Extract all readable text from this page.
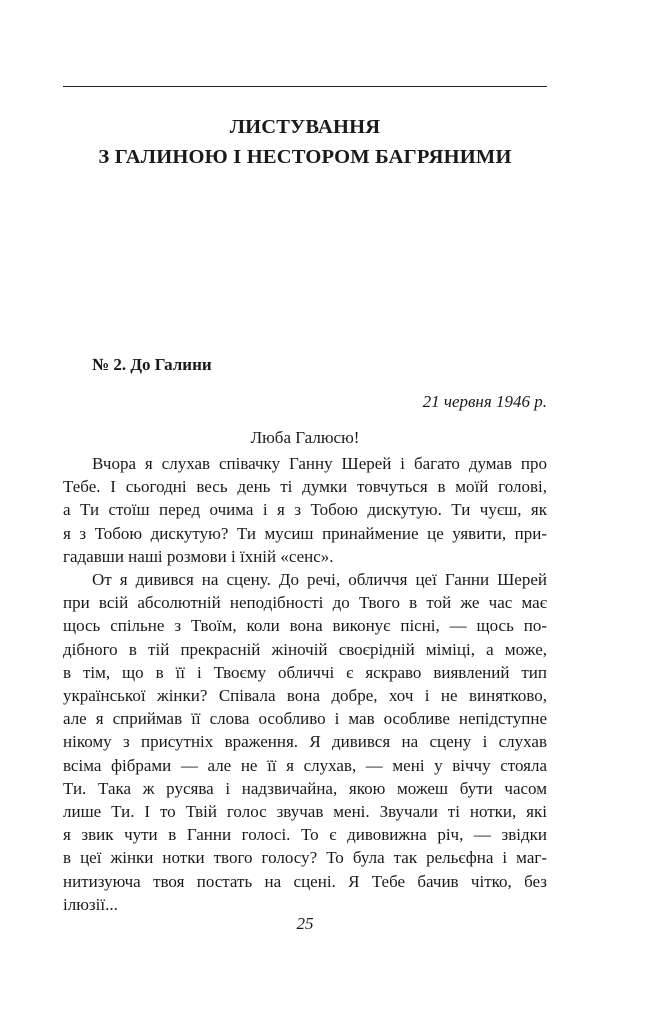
ЛИСТУВАННЯ
З ГАЛИНОЮ І НЕСТОРОМ БАГРЯНИМИ
№ 2. До Галини
21 червня 1946 р.
Люба Галюсю!
Вчора я слухав співачку Ганну Шерей і багато думав про
Тебе. І сьогодні весь день ті думки товчуться в моїй голові,
а Ти стоїш перед очима і я з Тобою дискутую. Ти чуєш, як
я з Тобою дискутую? Ти мусиш принаймение це уявити, при-
гадавши наші розмови і їхній «сенс».
От я дивився на сцену. До речі, обличчя цеї Ганни Шерей
при всій абсолютній неподібності до Твого в той же час має
щось спільне з Твоїм, коли вона виконує пісні, — щось по-
дібного в тій прекрасній жіночій своєрідній міміці, а може,
в тім, що в її і Твоєму обличчі є яскраво виявлений тип
української жінки? Співала вона добре, хоч і не винятково,
але я сприймав її слова особливо і мав особливе непідступне
нікому з присутніх враження. Я дивився на сцену і слухав
всіма фібрами — але не її я слухав, — мені у віччу стояла
Ти. Така ж русява і надзвичайна, якою можеш бути часом
лише Ти. І то Твій голос звучав мені. Звучали ті нотки, які
я звик чути в Ганни голосі. То є дивовижна річ, — звідки
в цеї жінки нотки твого голосу? То була так рельєфна і маг-
нитизуюча твоя постать на сцені. Я Тебе бачив чітко, без
ілюзії...
25
